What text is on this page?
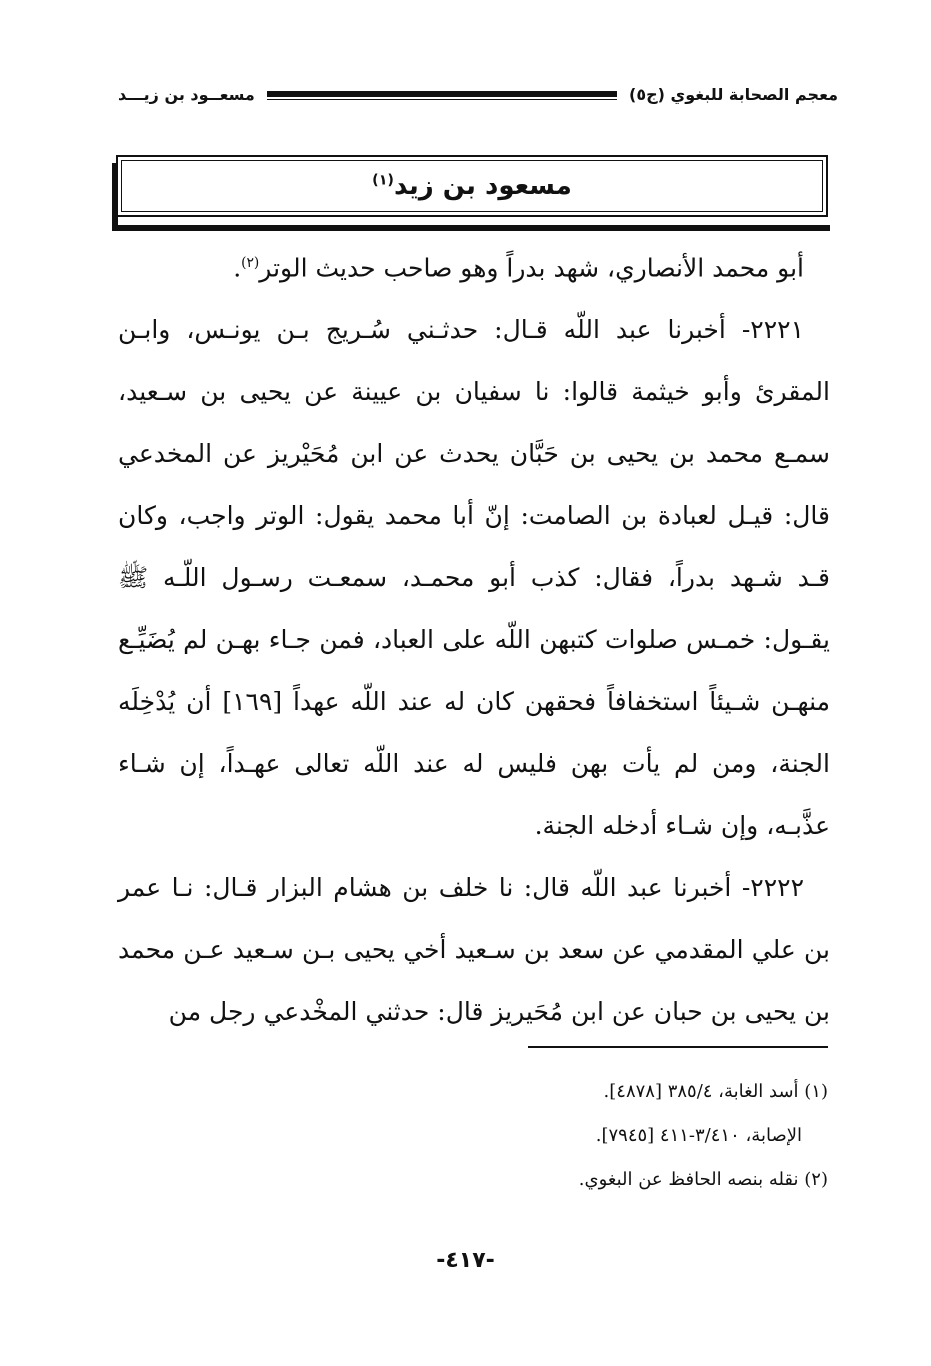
معجم الصحابة للبغوي (ج٥)
مسعــود بن زيـــد
مسعود بن زيد$^{(١)}$

أبو محمد الأنصاري، شهد بدراً وهو صاحب حديث الوتر$^{(٢)}$.

٢٢٢١- أخبرنا عبد اللّه قـال: حدثـني سُـريج بـن يونـس، وابـن المقرئ وأبو خيثمة قالوا: نا سفيان بن عيينة عن يحيى بن سـعيد، سمـع محمد بن يحيى بن حَبَّان يحدث عن ابن مُحَيْريز عن المخدعي قال: قيـل لعبادة بن الصامت: إنّ أبا محمد يقول: الوتر واجب، وكان قـد شـهد بدراً، فقال: كذب أبو محمـد، سمعـت رسـول اللّـه ﷺ يقـول: خمـس صلوات كتبهن اللّه على العباد، فمن جـاء بهـن لم يُضَيِّـع منهـن شـيئاً استخفافاً فحقهن كان له عند اللّه عهداً [١٦٩] أن يُدْخِلَه الجنة، ومن لم يأت بهن فليس له عند اللّه تعالى عهـداً، إن شـاء عذَّبـه، وإن شـاء أدخله الجنة.

٢٢٢٢- أخبرنا عبد اللّه قال: نا خلف بن هشام البزار قـال: نـا عمر بن علي المقدمي عن سعد بن سـعيد أخي يحيى بـن سـعيد عـن محمد بن يحيى بن حبان عن ابن مُحَيريز قال: حدثني المخْدعي رجل من

(١) أسد الغابة، ٣٨٥/٤ [٤٨٧٨].

الإصابة، ٣/٤١٠-٤١١ [٧٩٤٥].

(٢) نقله بنصه الحافظ عن البغوي.

-٤١٧-
